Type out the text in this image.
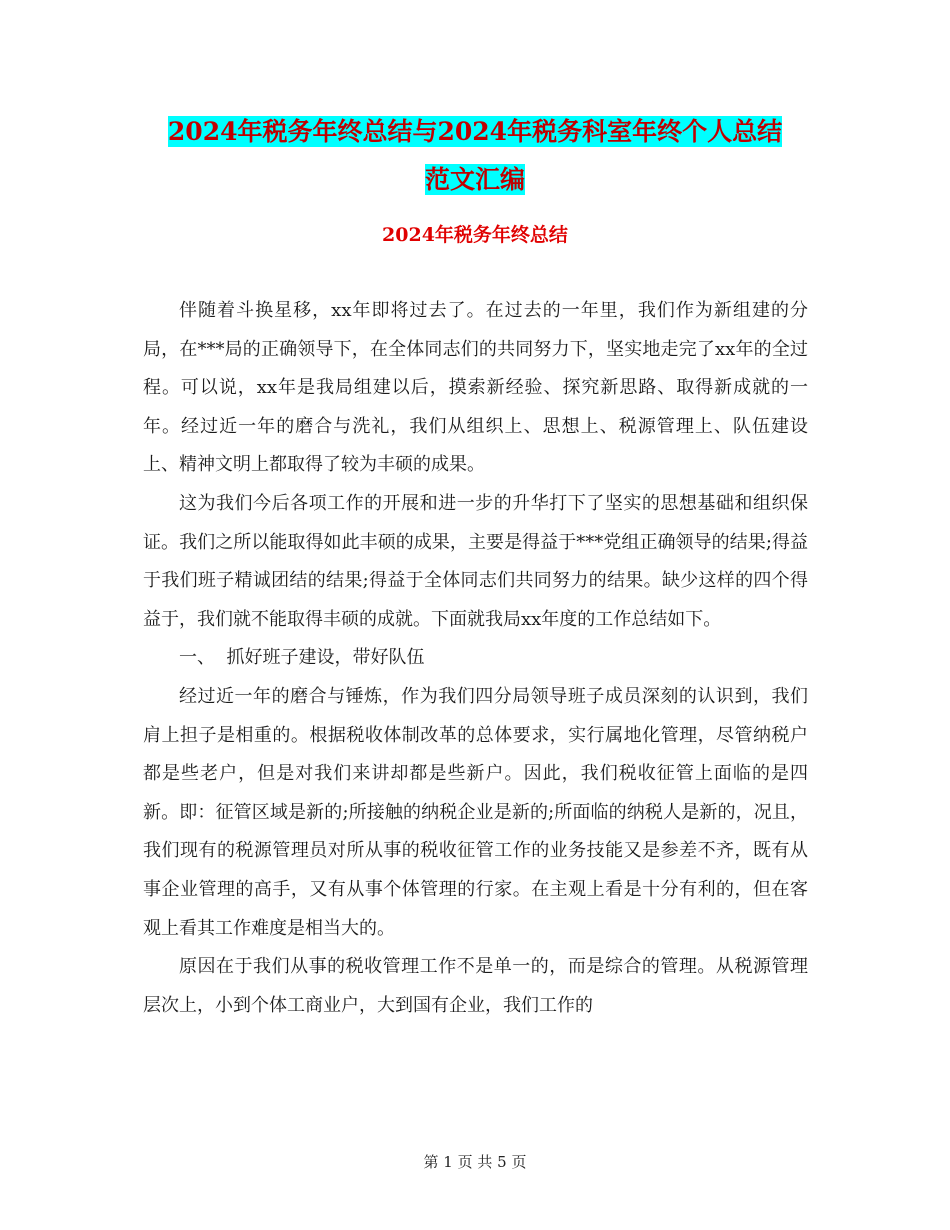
2024年税务年终总结与2024年税务科室年终个人总结
范文汇编
2024年税务年终总结

伴随着斗换星移，xx年即将过去了。在过去的一年里，我们作为新组建的分局，在***局的正确领导下，在全体同志们的共同努力下，坚实地走完了xx年的全过程。可以说，xx年是我局组建以后，摸索新经验、探究新思路、取得新成就的一年。经过近一年的磨合与洗礼，我们从组织上、思想上、税源管理上、队伍建设上、精神文明上都取得了较为丰硕的成果。

这为我们今后各项工作的开展和进一步的升华打下了坚实的思想基础和组织保证。我们之所以能取得如此丰硕的成果，主要是得益于***党组正确领导的结果;得益于我们班子精诚团结的结果;得益于全体同志们共同努力的结果。缺少这样的四个得益于，我们就不能取得丰硕的成就。下面就我局xx年度的工作总结如下。

一、  抓好班子建设，带好队伍

经过近一年的磨合与锤炼，作为我们四分局领导班子成员深刻的认识到，我们肩上担子是相重的。根据税收体制改革的总体要求，实行属地化管理，尽管纳税户都是些老户，但是对我们来讲却都是些新户。因此，我们税收征管上面临的是四新。即：征管区域是新的;所接触的纳税企业是新的;所面临的纳税人是新的，况且，我们现有的税源管理员对所从事的税收征管工作的业务技能又是参差不齐，既有从事企业管理的高手，又有从事个体管理的行家。在主观上看是十分有利的，但在客观上看其工作难度是相当大的。

原因在于我们从事的税收管理工作不是单一的，而是综合的管理。从税源管理层次上，小到个体工商业户，大到国有企业，我们工作的

第 1 页 共 5 页
